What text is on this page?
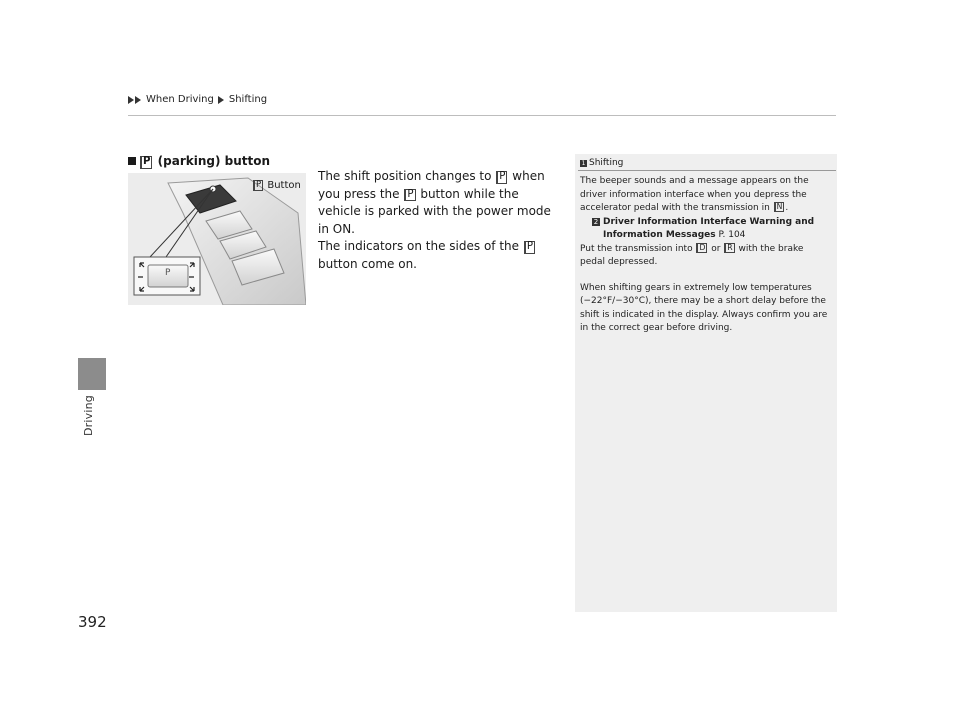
When Driving Shifting
Driving
392
P (parking) button
P
P Button

The shift position changes to P when you press the P button while the vehicle is parked with the power mode in ON.

The indicators on the sides of the P button come on.

1 Shifting

The beeper sounds and a message appears on the driver information interface when you depress the accelerator pedal with the transmission in N .

2 Driver Information Interface Warning and

Information Messages P. 104

Put the transmission into D or R with the brake pedal depressed.

When shifting gears in extremely low temperatures (−22°F/−30°C), there may be a short delay before the shift is indicated in the display. Always confirm you are in the correct gear before driving.
